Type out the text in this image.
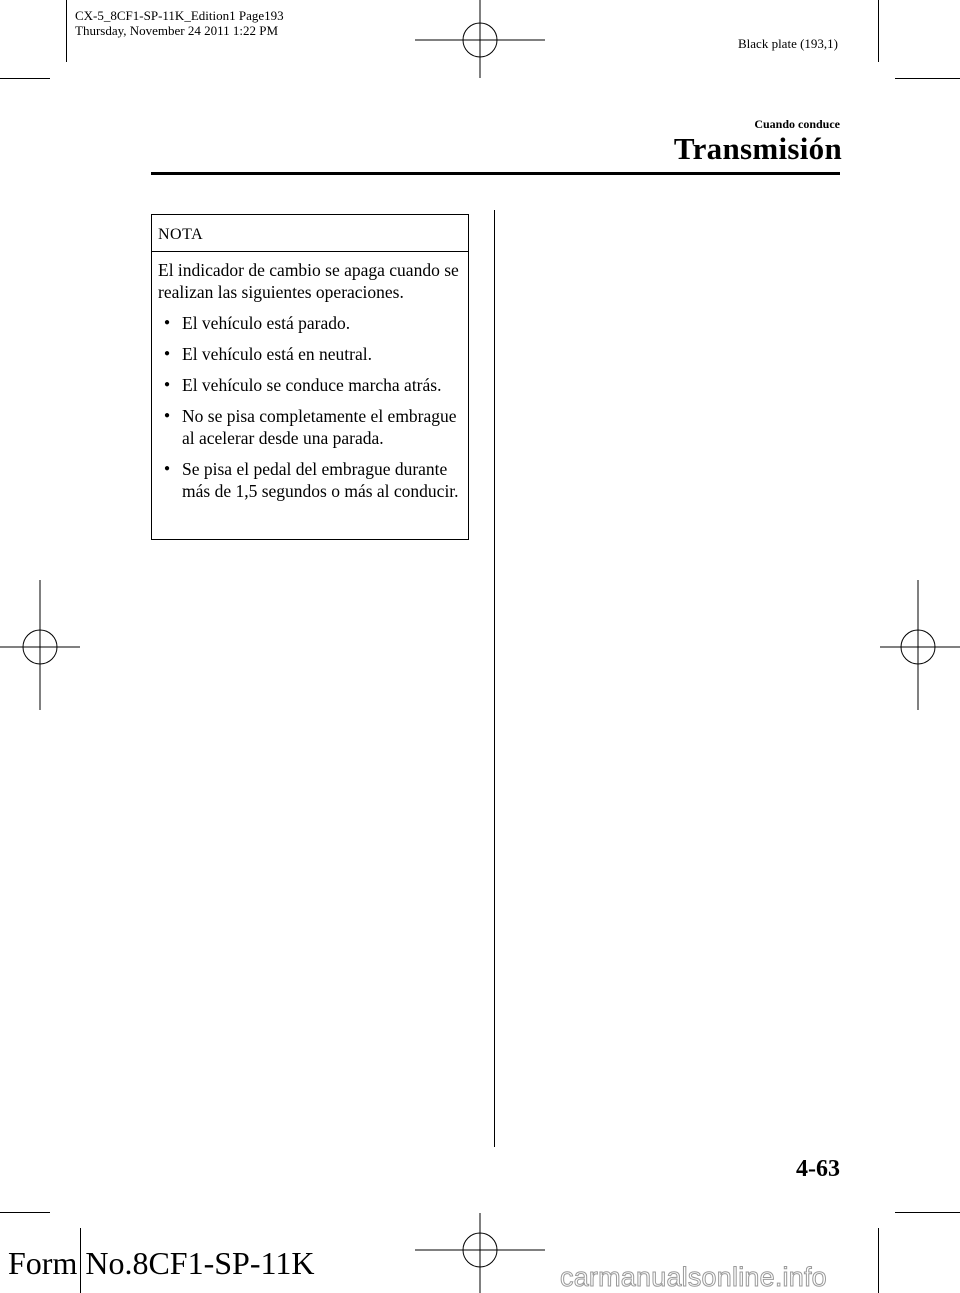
CX-5_8CF1-SP-11K_Edition1 Page193
Thursday, November 24 2011 1:22 PM
Black plate (193,1)
Cuando conduce
Transmisión
NOTA

El indicador de cambio se apaga cuando se realizan las siguientes operaciones.

● El vehículo está parado.
● El vehículo está en neutral.
● El vehículo se conduce marcha atrás.
● No se pisa completamente el embrague al acelerar desde una parada.
● Se pisa el pedal del embrague durante más de 1,5 segundos o más al conducir.
4-63
Form No.8CF1-SP-11K	carmanualsonline.info
